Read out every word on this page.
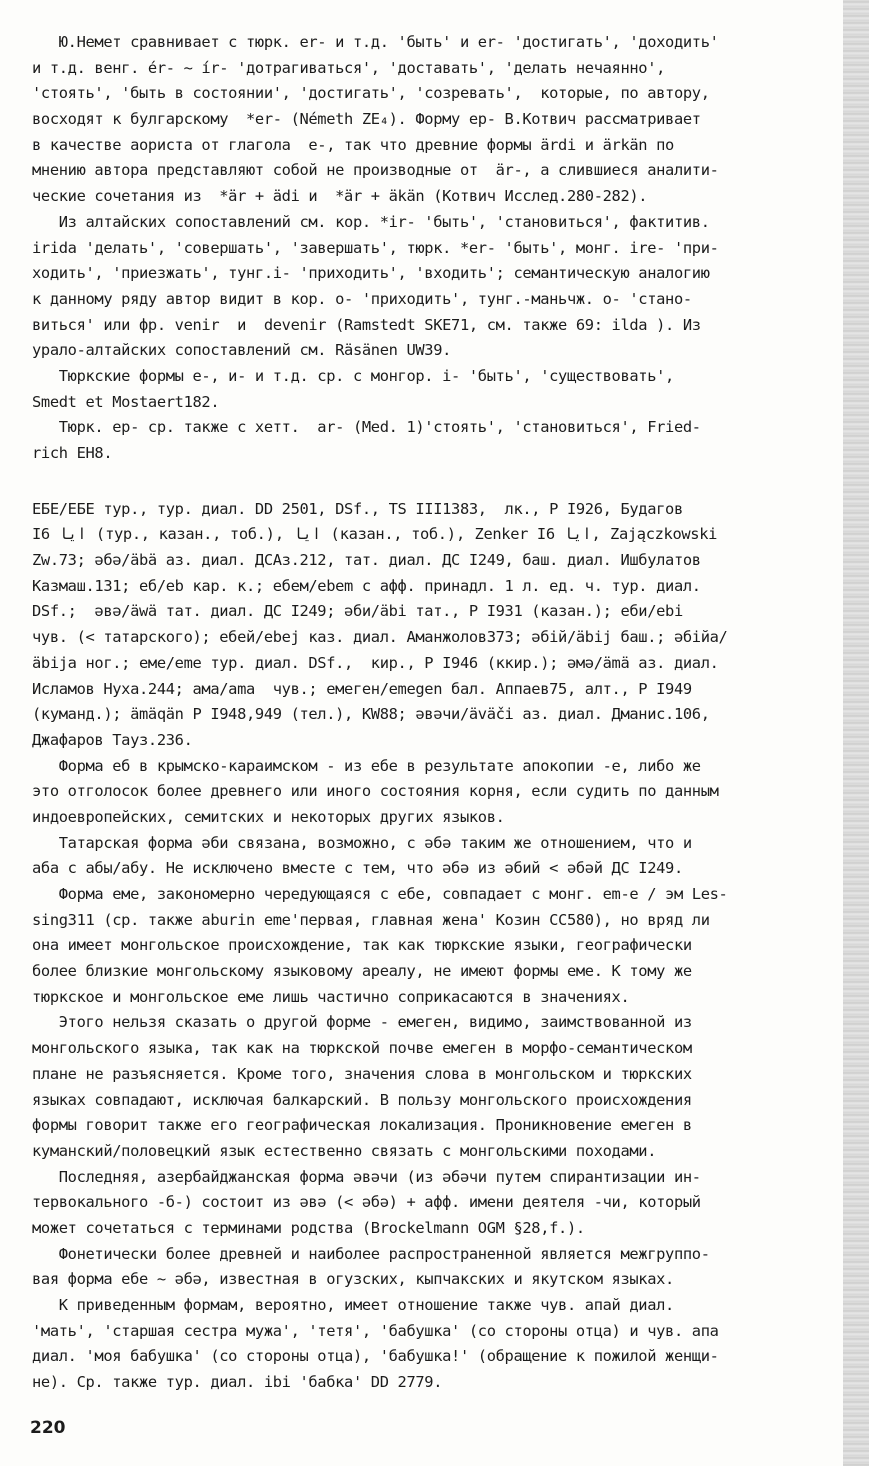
Ю.Немет сравнивает с тюрк. er- и т.д. 'быть' и er- 'достигать', 'доходить'
и т.д. венг. ér- ~ ír- 'дотрагиваться', 'доставать', 'делать нечаянно',
'стоять', 'быть в состоянии', 'достигать', 'созревать',  которые, по автору,
восходят к булгарскому  *er- (Németh ZE₄). Форму ер- В.Котвич рассматривает
в качестве аориста от глагола  е-, так что древние формы ärdi и ärkän по
мнению автора представляют собой не производные от  är-, а слившиеся аналити-
ческие сочетания из  *är + ädi и  *är + äkän (Котвич Исслед.280-282).
Из алтайских сопоставлений см. кор. *ir- 'быть', 'становиться', фактитив.
irida 'делать', 'совершать', 'завершать', тюрк. *er- 'быть', монг. ire- 'при-
ходить', 'приезжать', тунг.і- 'приходить', 'входить'; семантическую аналогию
к данному ряду автор видит в кор. o- 'приходить', тунг.-маньчж. o- 'стано-
виться' или фр. venir  и  devenir (Ramstedt SKE71, см. также 69: ilda ). Из
урало-алтайских сопоставлений см. Räsänen UW39.
Тюркские формы е-, и- и т.д. ср. с монгор. і- 'быть', 'существовать',
Smedt et Mostaert182.
Тюрк. ер- ср. также с хетт.  ar- (Med. 1)'стоять', 'становиться', Fried-
rich EH8.
ЕБЕ/ЕБЕ тур., тур. диал. DD 2501, DSf., TS III1383,  лк., Р І926, Будагов
І6 ايا (тур., казан., тоб.), ايا (казан., тоб.), Zenker І6 ايا, Zajączkowski
Zw.73; әбә/äbä аз. диал. ДСАз.212, тат. диал. ДС І249, баш. диал. Ишбулатов
Казмаш.131; еб/eb кар. к.; ебем/ebem с афф. принадл. 1 л. ед. ч. тур. диал.
DSf.;  әвә/äwä тат. диал. ДС І249; әби/äbi тат., Р І931 (казан.); еби/ebi
чув. (< татарского); ебей/ebej каз. диал. Аманжолов373; әбій/äbij баш.; әбійа/
äbija ног.; еме/eme тур. диал. DSf.,  кир., Р І946 (ккир.); әмә/ämä аз. диал.
Исламов Нуха.244; ама/ama  чув.; емеген/emegen бал. Аппаев75, алт., Р І949
(куманд.); ämäqän Р І948,949 (тел.), KW88; әвәчи/äväči аз. диал. Дманис.106,
Джафаров Тауз.236.
Форма еб в крымско-караимском - из ебе в результате апокопии -е, либо же
это отголосок более древнего или иного состояния корня, если судить по данным
индоевропейских, семитских и некоторых других языков.
Татарская форма әби связана, возможно, с әбә таким же отношением, что и
аба с абы/абу. Не исключено вместе с тем, что әбә из әбий < әбәй ДС І249.
Форма еме, закономерно чередующаяся с ебе, совпадает с монг. em-e / эм Les-
sing311 (ср. также aburin eme'первая, главная жена' Козин СС580), но вряд ли
она имеет монгольское происхождение, так как тюркские языки, географически
более близкие монгольскому языковому ареалу, не имеют формы еме. К тому же
тюркское и монгольское еме лишь частично соприкасаются в значениях.
Этого нельзя сказать о другой форме - емеген, видимо, заимствованной из
монгольского языка, так как на тюркской почве емеген в морфо-семантическом
плане не разъясняется. Кроме того, значения слова в монгольском и тюркских
языках совпадают, исключая балкарский. В пользу монгольского происхождения
формы говорит также его географическая локализация. Проникновение емеген в
куманский/половецкий язык естественно связать с монгольскими походами.
Последняя, азербайджанская форма әвәчи (из әбәчи путем спирантизации ин-
тервокального -б-) состоит из әвә (< әбә) + афф. имени деятеля -чи, который
может сочетаться с терминами родства (Brockelmann OGM §28,f.).
Фонетически более древней и наиболее распространенной является межгруппо-
вая форма ебе ~ әбә, известная в огузских, кыпчакских и якутском языках.
К приведенным формам, вероятно, имеет отношение также чув. апай диал.
'мать', 'старшая сестра мужа', 'тетя', 'бабушка' (со стороны отца) и чув. апа
диал. 'моя бабушка' (со стороны отца), 'бабушка!' (обращение к пожилой женщи-
не). Ср. также тур. диал. ibi 'бабка' DD 2779.
220
